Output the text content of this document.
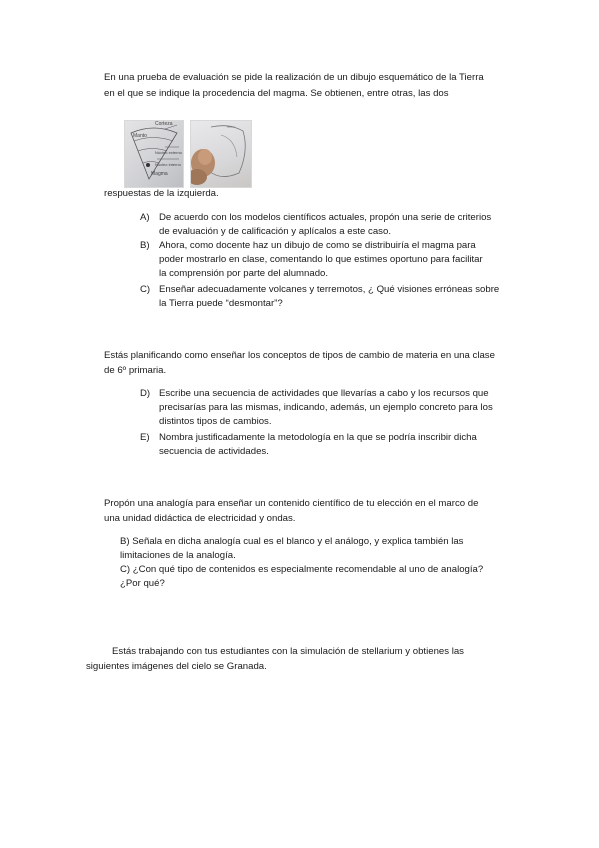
En una prueba de evaluación se pide la realización de un dibujo esquemático de la Tierra
en el que se indique la procedencia del magma. Se obtienen, entre otras, las dos
Corteza
Manto
Núcleo externo
Núcleo interno
Magma
respuestas de la izquierda.
A) De acuerdo con los modelos científicos actuales, propón una serie de criterios
de evaluación y de calificación y aplícalos a este caso.
B) Ahora, como docente haz un dibujo de como se distribuiría el magma para
poder mostrarlo en clase, comentando lo que estimes oportuno para facilitar
la comprensión por parte del alumnado.
C) Enseñar adecuadamente volcanes y terremotos, ¿ Qué visiones erróneas sobre
la Tierra puede “desmontar”?
Estás planificando como enseñar los conceptos de tipos de cambio de materia en una clase
de 6º primaria.
D) Escribe una secuencia de actividades que llevarías a cabo y los recursos que
precisarías para las mismas, indicando, además, un ejemplo concreto para los
distintos tipos de cambios.
E) Nombra justificadamente la metodología en la que se podría inscribir dicha
secuencia de actividades.
Propón una analogía para enseñar un contenido científico de tu elección en el marco de
una unidad didáctica de electricidad y ondas.
B) Señala en dicha analogía cual es el blanco y el análogo, y explica también las
limitaciones de la analogía.
C) ¿Con qué tipo de contenidos es especialmente recomendable al uno de analogía?
¿Por qué?
Estás trabajando con tus estudiantes con la simulación de stellarium y obtienes las
siguientes imágenes del cielo se Granada.
